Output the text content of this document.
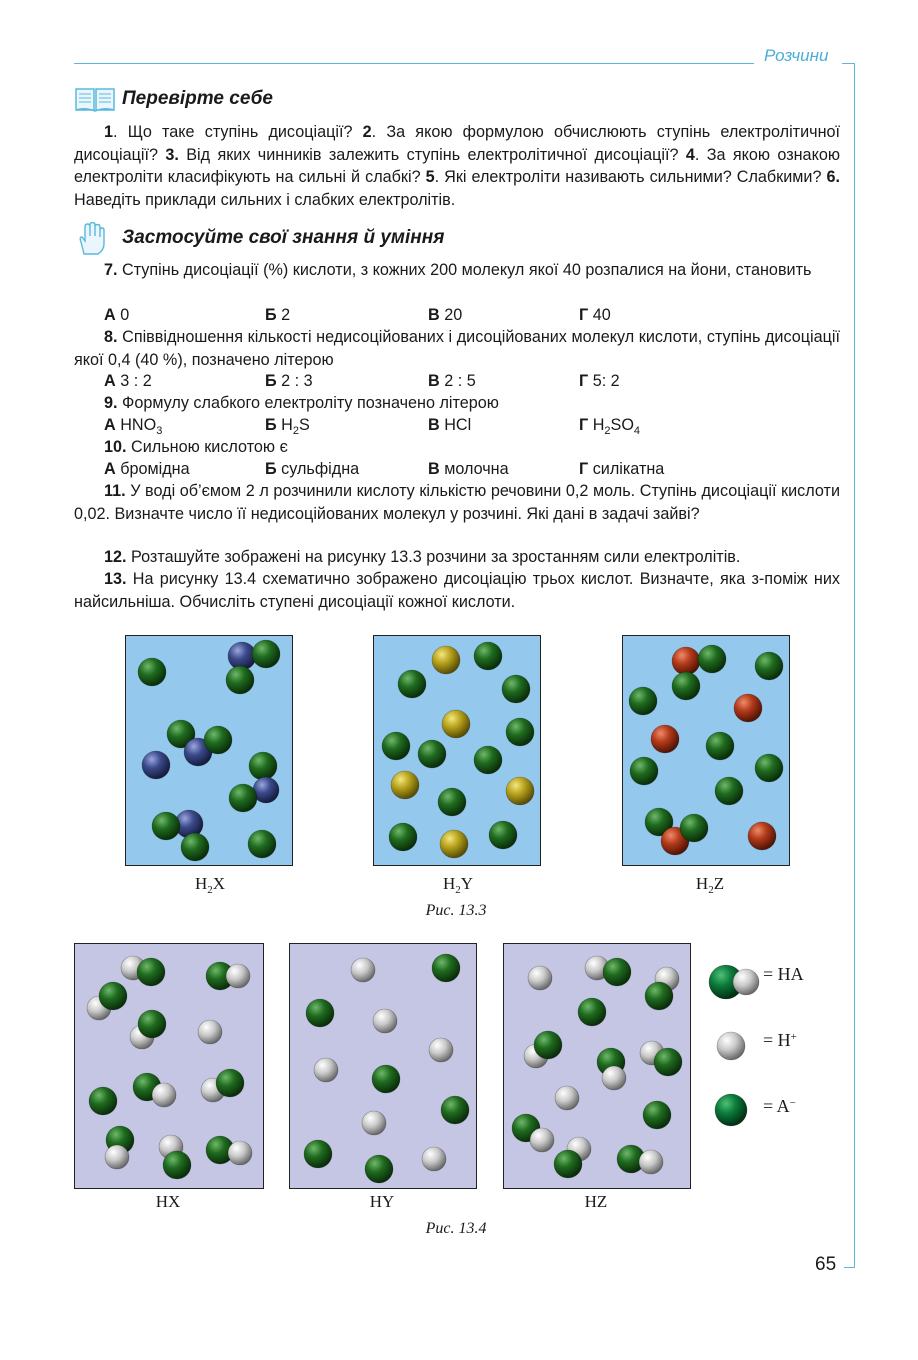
Розчини
Перевірте себе

1. Що таке ступінь дисоціації? 2. За якою формулою обчислюють ступінь електролітичної дисоціації? 3. Від яких чинників залежить ступінь електролітичної дисоціації? 4. За якою ознакою електроліти класифікують на сильні й слабкі? 5. Які електроліти називають сильними? Слабкими? 6. Наведіть приклади сильних і слабких електролітів.

Застосуйте свої знання й уміння

7. Ступінь дисоціації (%) кислоти, з кожних 200 молекул якої 40 розпалися на йони, становить

А 0	Б 2	В 20	Г 40

8. Співвідношення кількості недисоційованих і дисоційованих молекул кислоти, ступінь дисоціації якої 0,4 (40 %), позначено літерою

А 3 : 2	Б 2 : 3	В 2 : 5	Г 5: 2

9. Формулу слабкого електроліту позначено літерою

А $HNO_3$	Б $H_2S$	В HCl	Г $H_2SO_4$

10. Сильною кислотою є

А бромідна	Б сульфідна	В молочна	Г силікатна

11. У воді об’ємом 2 л розчинили кислоту кількістю речовини 0,2 моль. Ступінь дисоціації кислоти 0,02. Визначте число її недисоційованих молекул у розчині. Які дані в задачі зайві?

12. Розташуйте зображені на рисунку 13.3 розчини за зростанням сили електролітів.

13. На рисунку 13.4 схематично зображено дисоціацію трьох кислот. Визначте, яка з-поміж них найсильніша. Обчисліть ступені дисоціації кожної кислоти.

$H_2X$	$H_2Y$	$H_2Z$
Рис. 13.3
HX	HY	HZ
Рис. 13.4
= HA
= H+
= A−
65
